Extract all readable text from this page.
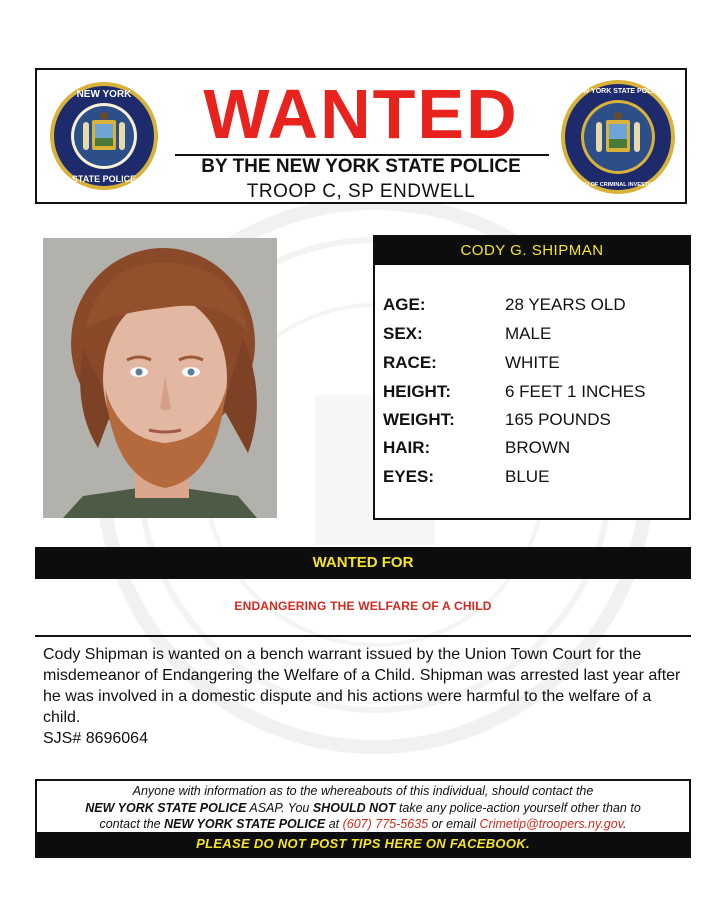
NEW YORK
STATE POLICE
WANTED
BY THE NEW YORK STATE POLICE
TROOP C, SP ENDWELL
NEW YORK STATE POLICE
BUREAU OF CRIMINAL INVESTIGATION
CODY G. SHIPMAN
AGE:	28 YEARS OLD
SEX:	MALE
RACE:	WHITE
HEIGHT:	6 FEET 1 INCHES
WEIGHT:	165 POUNDS
HAIR:	BROWN
EYES:	BLUE
WANTED FOR
ENDANGERING THE WELFARE OF A CHILD

Cody Shipman is wanted on a bench warrant issued by the Union Town Court for the misdemeanor of Endangering the Welfare of a Child. Shipman was arrested last year after he was involved in a domestic dispute and his actions were harmful to the welfare of a child.

SJS# 8696064

Anyone with information as to the whereabouts of this individual, should contact the
NEW YORK STATE POLICE ASAP. You SHOULD NOT take any police-action yourself other than to
contact the NEW YORK STATE POLICE at (607) 775-5635 or email Crimetip@troopers.ny.gov.
PLEASE DO NOT POST TIPS HERE ON FACEBOOK.
